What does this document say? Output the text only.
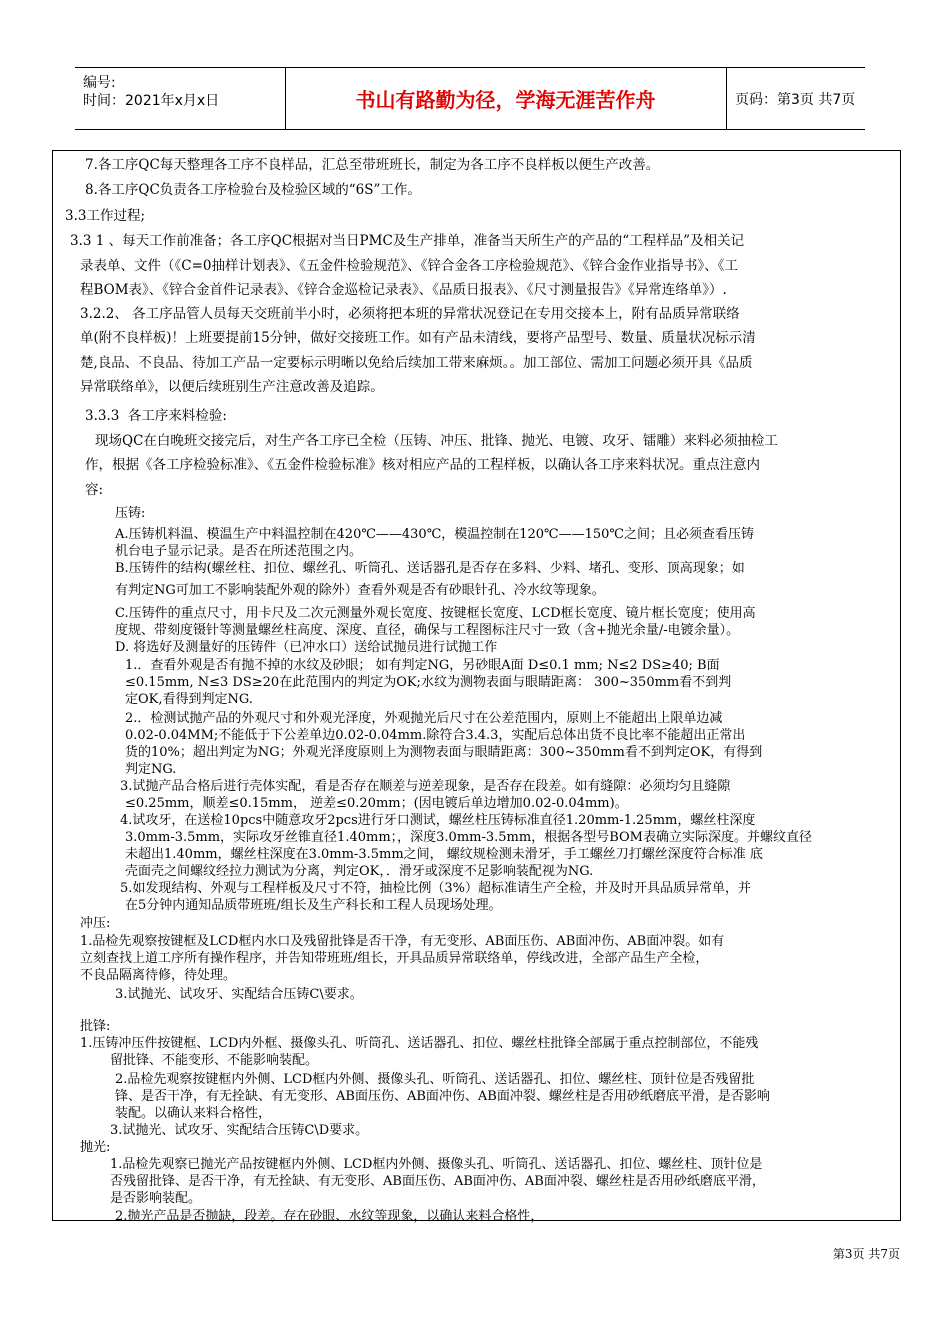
编号:
时间：2021年x月x日	书山有路勤为径，学海无涯苦作舟	页码：第3页 共7页
7.各工序QC每天整理各工序不良样品，汇总至带班班长，制定为各工序不良样板以便生产改善。
8.各工序QC负责各工序检验台及检验区域的“6S”工作。
3.3工作过程;
3.3 1 、每天工作前准备；各工序QC根据对当日PMC及生产排单，准备当天所生产的产品的“工程样品”及相关记
录表单、文件（《C=0抽样计划表》、《五金件检验规范》、《锌合金各工序检验规范》、《锌合金作业指导书》、《工
程BOM表》、《锌合金首件记录表》、《锌合金巡检记录表》、《品质日报表》、《尺寸测量报告》《异常连络单》）.
3.2.2、 各工序品管人员每天交班前半小时，必须将把本班的异常状况登记在专用交接本上，附有品质异常联络
单(附不良样板)！上班要提前15分钟，做好交接班工作。如有产品未清线，要将产品型号、数量、质量状况标示清
楚,良品、不良品、待加工产品一定要标示明晰以免给后续加工带来麻烦。。加工部位、需加工问题必须开具《品质
异常联络单》，以便后续班别生产注意改善及追踪。
3.3.3  各工序来料检验:
现场QC在白晚班交接完后，对生产各工序已全检（压铸、冲压、批锋、抛光、电镀、攻牙、镭雕）来料必须抽检工
作，根据《各工序检验标准》、《五金件检验标准》核对相应产品的工程样板，以确认各工序来料状况。重点注意内
容:
压铸:
A.压铸机料温、模温生产中料温控制在420℃——430℃，模温控制在120℃——150℃之间；且必须查看压铸
机台电子显示记录。是否在所述范围之内。
B.压铸件的结构(螺丝柱、扣位、螺丝孔、听筒孔、送话器孔是否存在多料、少料、堵孔、变形、顶高现象；如
有判定NG可加工不影响装配外观的除外）查看外观是否有砂眼针孔、冷水纹等现象。
C.压铸件的重点尺寸，用卡尺及二次元测量外观长宽度、按键框长宽度、LCD框长宽度、镜片框长宽度；使用高
度规、带刻度镊针等测量螺丝柱高度、深度、直径，确保与工程图标注尺寸一致（含+抛光余量/-电镀余量）。
D. 将选好及测量好的压铸件（已冲水口）送给试抛员进行试抛工作
1.．查看外观是否有抛不掉的水纹及砂眼； 如有判定NG，另砂眼A面 D≤0.1 mm; N≤2 DS≥40; B面
≤0.15mm, N≤3 DS≥20在此范围内的判定为OK;水纹为测物表面与眼睛距离： 300~350mm看不到判
定OK,看得到判定NG.
2.．检测试抛产品的外观尺寸和外观光泽度，外观抛光后尺寸在公差范围内，原则上不能超出上限单边减
0.02-0.04MM;不能低于下公差单边0.02-0.04mm.除符合3.4.3，实配后总体出货不良比率不能超出正常出
货的10%；超出判定为NG；外观光泽度原则上为测物表面与眼睛距离：300~350mm看不到判定OK，有得到
判定NG.
3.试抛产品合格后进行壳体实配，看是否存在顺差与逆差现象，是否存在段差。如有缝隙：必须均匀且缝隙
≤0.25mm，顺差≤0.15mm， 逆差≤0.20mm；(因电镀后单边增加0.02-0.04mm)。
4.试攻牙，在送检10pcs中随意攻牙2pcs进行牙口测试，螺丝柱压铸标准直径1.20mm-1.25mm，螺丝柱深度
3.0mm-3.5mm，实际攻牙丝锥直径1.40mm；，深度3.0mm-3.5mm，根据各型号BOM表确立实际深度。并螺纹直径
未超出1.40mm，螺丝柱深度在3.0mm-3.5mm之间， 螺纹规检测未滑牙，手工螺丝刀打螺丝深度符合标准 底
壳面壳之间螺纹经拉力测试为分离，判定OK，．滑牙或深度不足影响装配视为NG.
5.如发现结构、外观与工程样板及尺寸不符，抽检比例（3%）超标准请生产全检，并及时开具品质异常单，并
在5分钟内通知品质带班班/组长及生产科长和工程人员现场处理。
冲压:
1.品检先观察按键框及LCD框内水口及残留批锋是否干净，有无变形、AB面压伤、AB面冲伤、AB面冲裂。如有
立刻查找上道工序所有操作程序，并告知带班班/组长，开具品质异常联络单，停线改进，全部产品生产全检，
不良品隔离待修，待处理。
3.试抛光、试攻牙、实配结合压铸C\要求。
批锋:
1.压铸冲压件按键框、LCD内外框、摄像头孔、听筒孔、送话器孔、扣位、螺丝柱批锋全部属于重点控制部位，不能残
留批锋、不能变形、不能影响装配。
2.品检先观察按键框内外侧、LCD框内外侧、摄像头孔、听筒孔、送话器孔、扣位、螺丝柱、顶针位是否残留批
锋、是否干净，有无拴缺、有无变形、AB面压伤、AB面冲伤、AB面冲裂、螺丝柱是否用砂纸磨底平滑，是否影响
装配。以确认来料合格性，
3.试抛光、试攻牙、实配结合压铸C\D要求。
抛光:
1.品检先观察已抛光产品按键框内外侧、LCD框内外侧、摄像头孔、听筒孔、送话器孔、扣位、螺丝柱、顶针位是
否残留批锋、是否干净，有无拴缺、有无变形、AB面压伤、AB面冲伤、AB面冲裂、螺丝柱是否用砂纸磨底平滑，
是否影响装配。
2.抛光产品是否抛缺，段差。存在砂眼、水纹等现象，以确认来料合格性，
第3页 共7页
